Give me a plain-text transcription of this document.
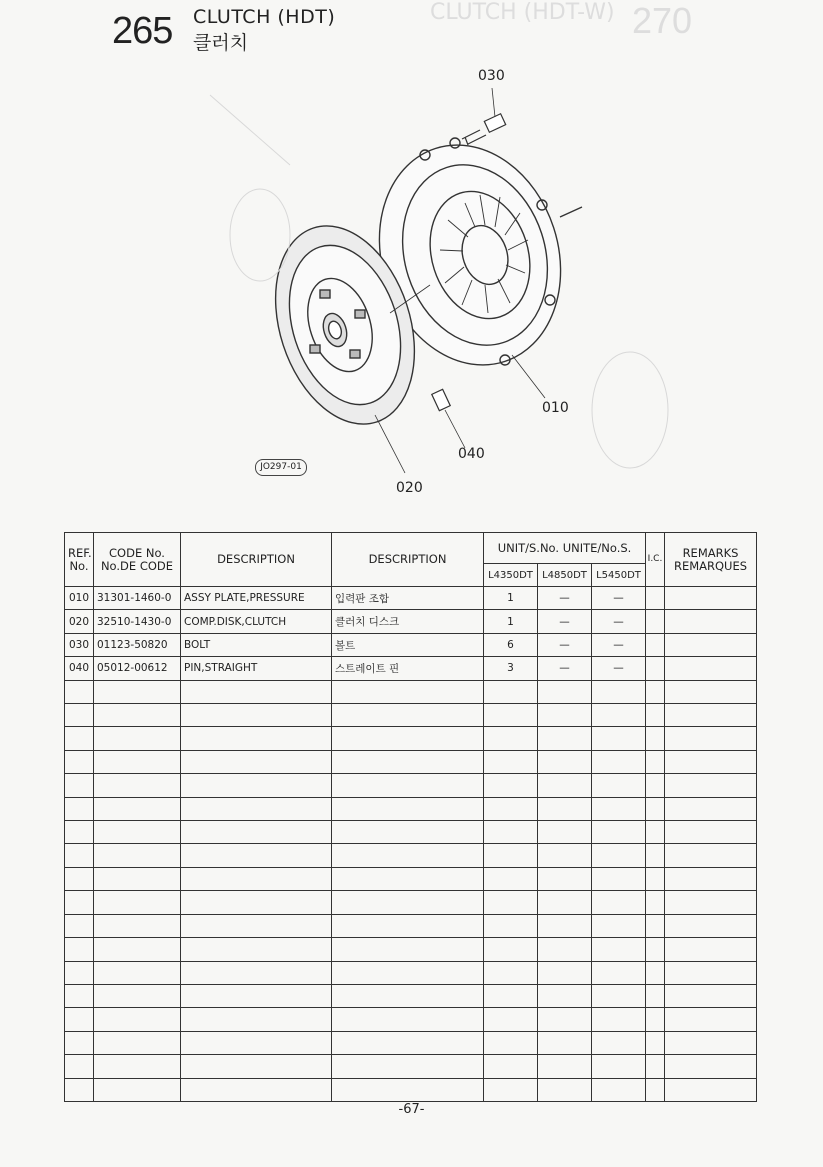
CLUTCH (HDT-W) 270
265 CLUTCH (HDT)
클러치
030
010
040
020
JO297-01
REF. No.	CODE No. No.DE CODE	DESCRIPTION	DESCRIPTION	UNIT/S.No. UNITE/No.S.			I.C.	REMARKS REMARQUES
				L4350DT	L4850DT	L5450DT		
010	31301-1460-0	ASSY PLATE,PRESSURE	입력판 조합	1	—	—		
020	32510-1430-0	COMP.DISK,CLUTCH	클러치 디스크	1	—	—		
030	01123-50820	BOLT	볼트	6	—	—		
040	05012-00612	PIN,STRAIGHT	스트레이트 핀	3	—	—		

-67-
